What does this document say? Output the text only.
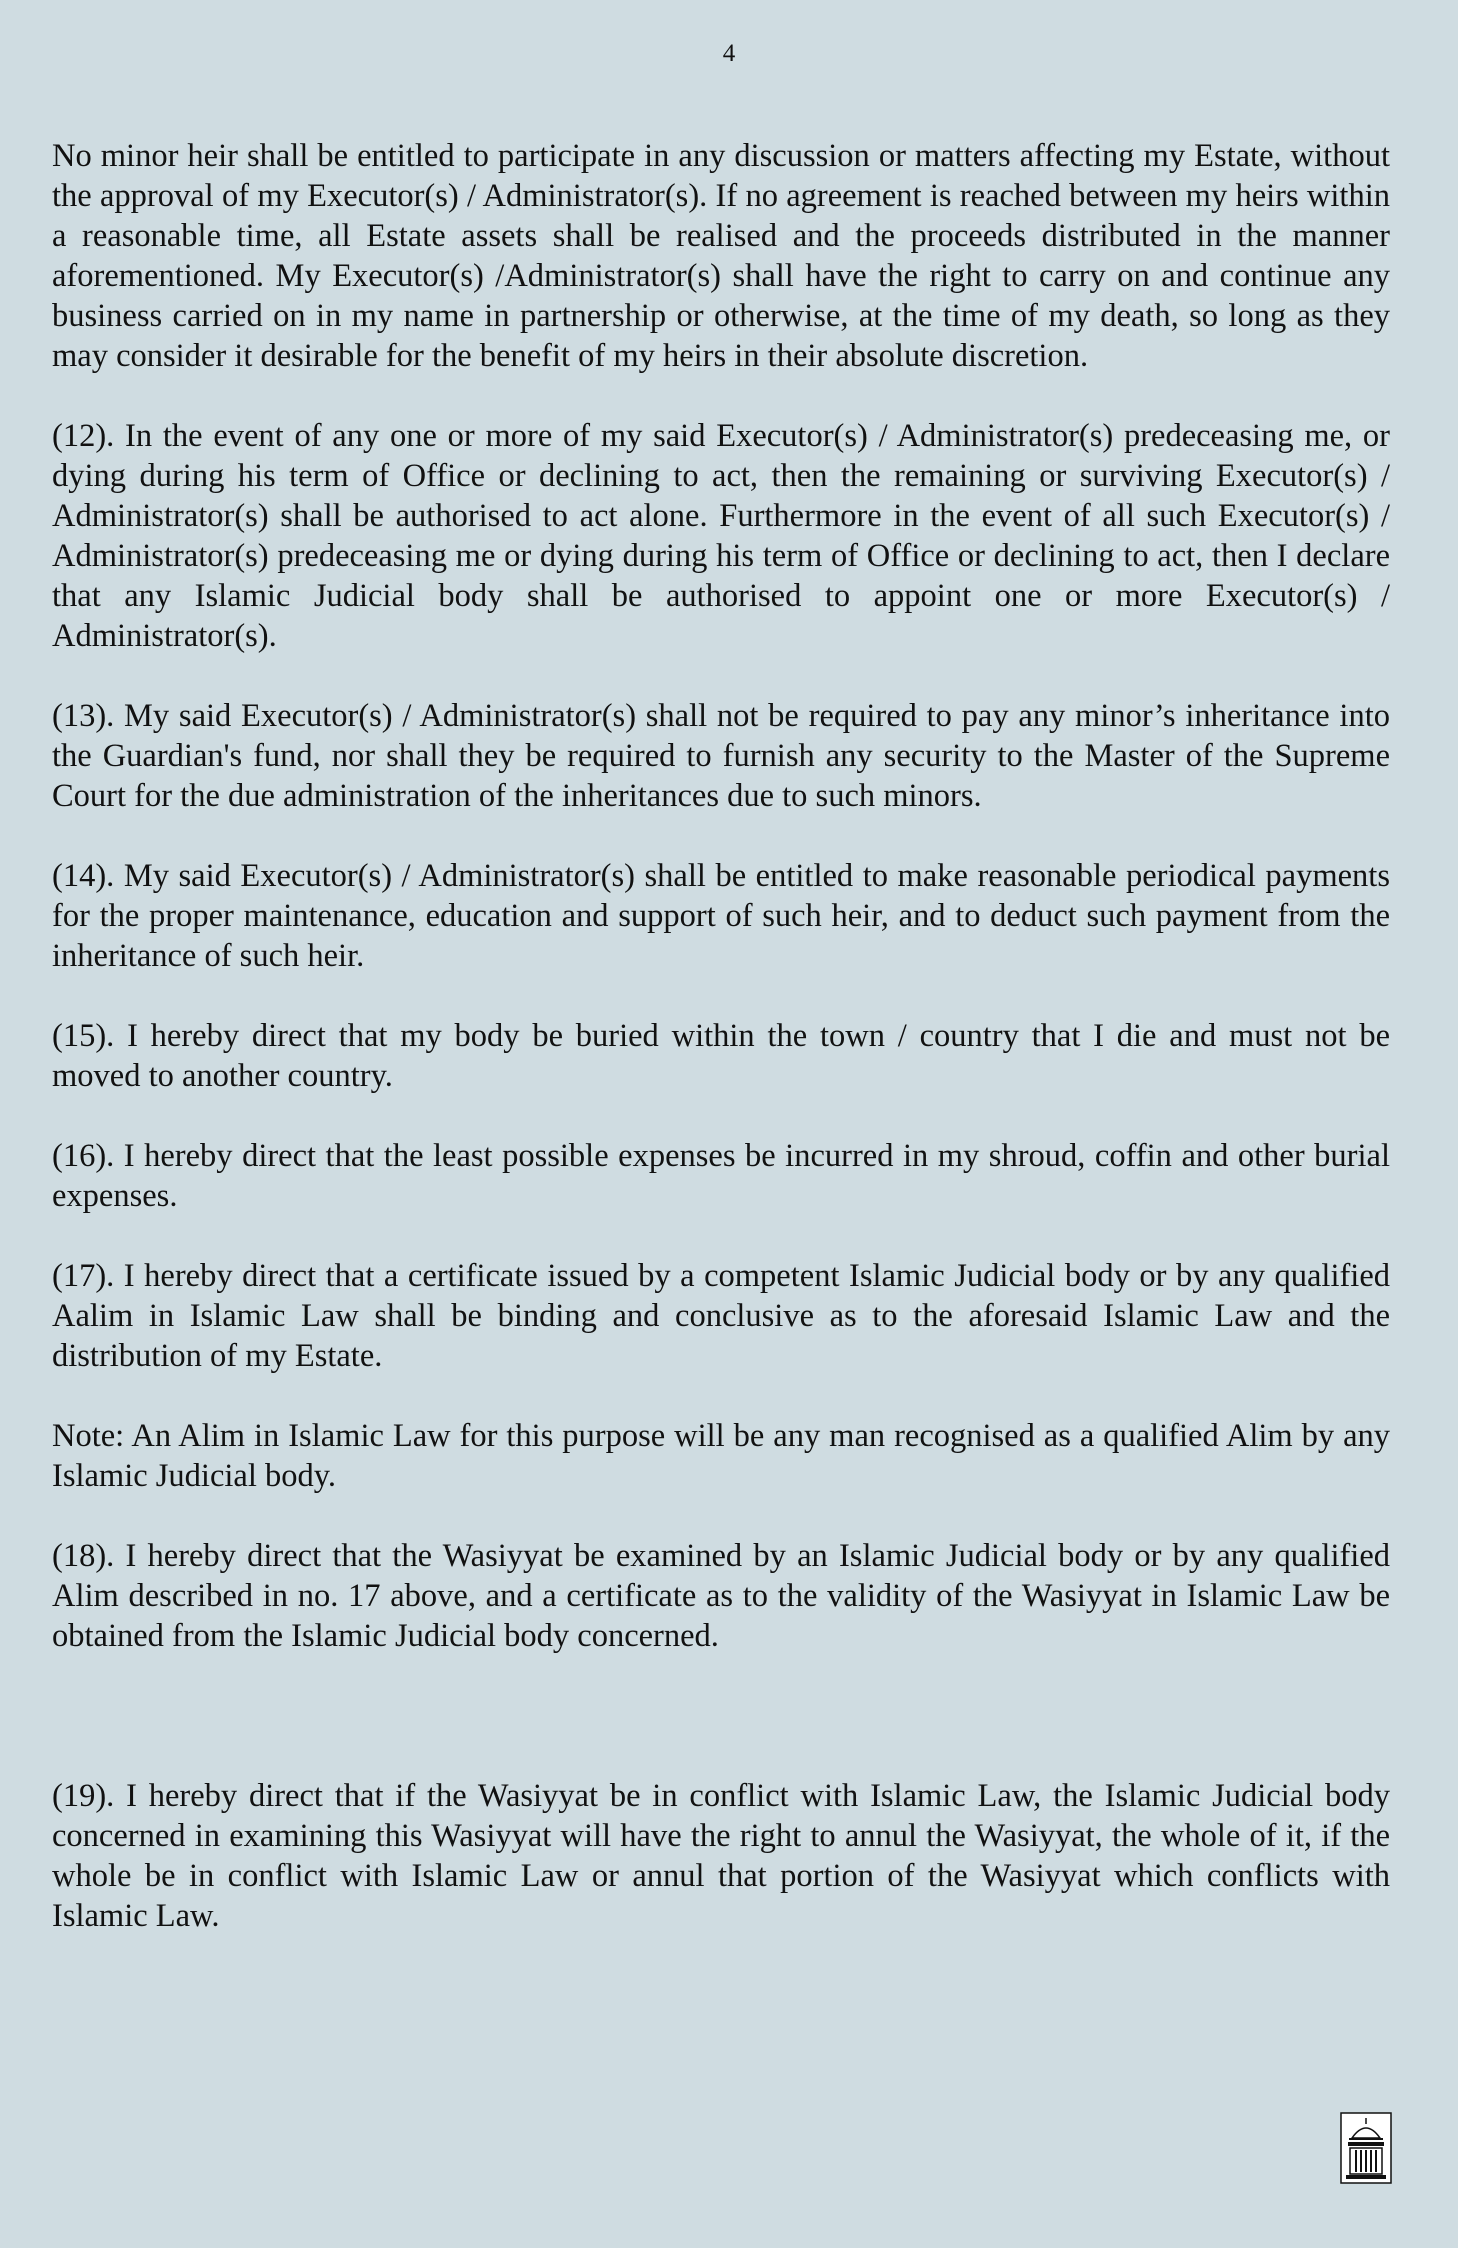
4

No minor heir shall be entitled to participate in any discussion or matters affecting my Estate, without the approval of my Executor(s) / Administrator(s). If no agreement is reached between my heirs within a reasonable time, all Estate assets shall be realised and the proceeds distributed in the manner aforementioned. My Executor(s) /Administrator(s) shall have the right to carry on and continue any business carried on in my name in partnership or otherwise, at the time of my death, so long as they may consider it desirable for the benefit of my heirs in their absolute discretion.

(12). In the event of any one or more of my said Executor(s) / Administrator(s) predeceasing me, or dying during his term of Office or declining to act, then the remaining or surviving Executor(s) / Administrator(s) shall be authorised to act alone. Furthermore in the event of all such Executor(s) / Administrator(s) predeceasing me or dying during his term of Office or declining to act, then I declare that any Islamic Judicial body shall be authorised to appoint one or more Executor(s) / Administrator(s).

(13). My said Executor(s) / Administrator(s) shall not be required to pay any minor’s inheritance into the Guardian's fund, nor shall they be required to furnish any security to the Master of the Supreme Court for the due administration of the inheritances due to such minors.

(14). My said Executor(s) / Administrator(s) shall be entitled to make reasonable periodical payments for the proper maintenance, education and support of such heir, and to deduct such payment from the inheritance of such heir.

(15). I hereby direct that my body be buried within the town / country that I die and must not be moved to another country.

(16). I hereby direct that the least possible expenses be incurred in my shroud, coffin and other burial expenses.

(17). I hereby direct that a certificate issued by a competent Islamic Judicial body or by any qualified Aalim in Islamic Law shall be binding and conclusive as to the aforesaid Islamic Law and the distribution of my Estate.

Note: An Alim in Islamic Law for this purpose will be any man recognised as a qualified Alim by any Islamic Judicial body.

(18). I hereby direct that the Wasiyyat be examined by an Islamic Judicial body or by any qualified Alim described in no. 17 above, and a certificate as to the validity of the Wasiyyat in Islamic Law be obtained from the Islamic Judicial body concerned.

(19). I hereby direct that if the Wasiyyat be in conflict with Islamic Law, the Islamic Judicial body concerned in examining this Wasiyyat will have the right to annul the Wasiyyat, the whole of it, if the whole be in conflict with Islamic Law or annul that portion of the Wasiyyat which conflicts with Islamic Law.
